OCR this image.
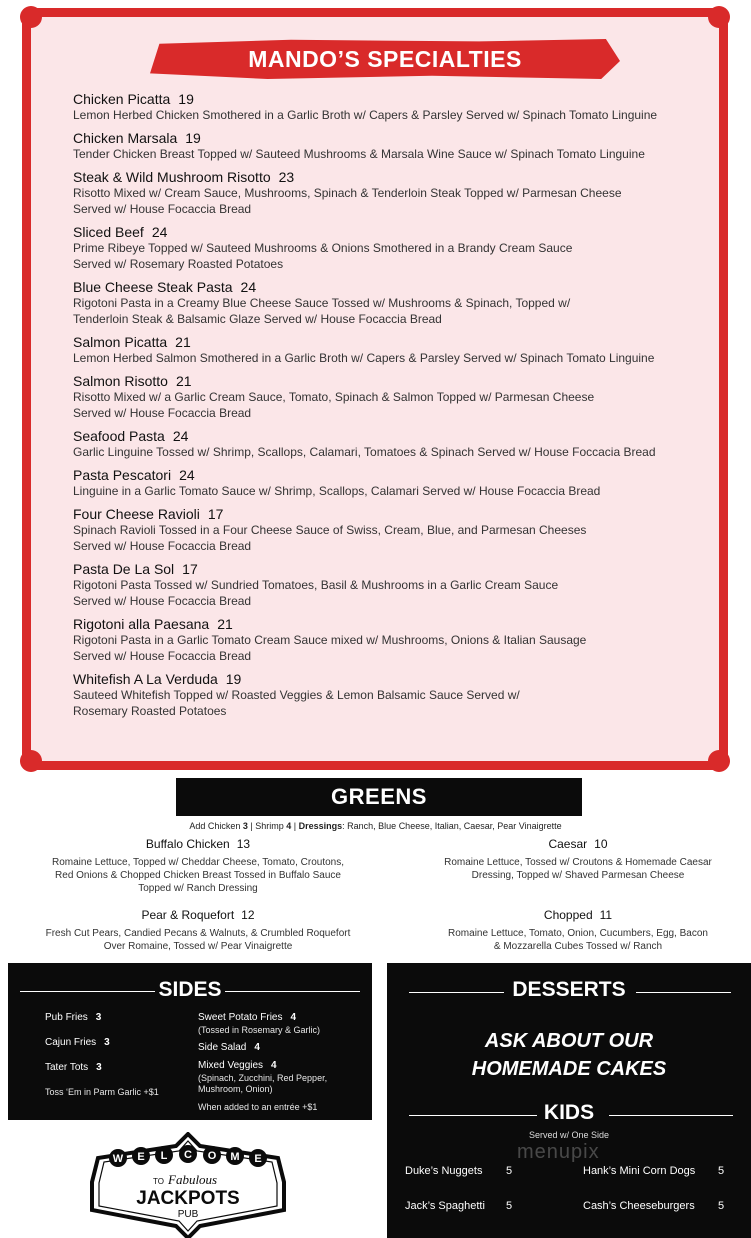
MANDO’S SPECIALTIES
Chicken Picatta 19
Lemon Herbed Chicken Smothered in a Garlic Broth w/ Capers & Parsley Served w/ Spinach Tomato Linguine
Chicken Marsala 19
Tender Chicken Breast Topped w/ Sauteed Mushrooms & Marsala Wine Sauce w/ Spinach Tomato Linguine
Steak & Wild Mushroom Risotto 23
Risotto Mixed w/ Cream Sauce, Mushrooms, Spinach & Tenderloin Steak Topped w/ Parmesan Cheese
Served w/ House Focaccia Bread
Sliced Beef 24
Prime Ribeye Topped w/ Sauteed Mushrooms & Onions Smothered in a Brandy Cream Sauce
Served w/ Rosemary Roasted Potatoes
Blue Cheese Steak Pasta 24
Rigotoni Pasta in a Creamy Blue Cheese Sauce Tossed w/ Mushrooms & Spinach, Topped w/
Tenderloin Steak & Balsamic Glaze Served w/ House Focaccia Bread
Salmon Picatta 21
Lemon Herbed Salmon Smothered in a Garlic Broth w/ Capers & Parsley Served w/ Spinach Tomato Linguine
Salmon Risotto 21
Risotto Mixed w/ a Garlic Cream Sauce, Tomato, Spinach & Salmon Topped w/ Parmesan Cheese
Served w/ House Focaccia Bread
Seafood Pasta 24
Garlic Linguine Tossed w/ Shrimp, Scallops, Calamari, Tomatoes & Spinach Served w/ House Foccacia Bread
Pasta Pescatori 24
Linguine in a Garlic Tomato Sauce w/ Shrimp, Scallops, Calamari Served w/ House Focaccia Bread
Four Cheese Ravioli 17
Spinach Ravioli Tossed in a Four Cheese Sauce of Swiss, Cream, Blue, and Parmesan Cheeses
Served w/ House Focaccia Bread
Pasta De La Sol 17
Rigotoni Pasta Tossed w/ Sundried Tomatoes, Basil & Mushrooms in a Garlic Cream Sauce
Served w/ House Focaccia Bread
Rigotoni alla Paesana 21
Rigotoni Pasta in a Garlic Tomato Cream Sauce mixed w/ Mushrooms, Onions & Italian Sausage
Served w/ House Focaccia Bread
Whitefish A La Verduda 19
Sauteed Whitefish Topped w/ Roasted Veggies & Lemon Balsamic Sauce Served w/
Rosemary Roasted Potatoes
GREENS
Add Chicken 3 | Shrimp 4 | Dressings: Ranch, Blue Cheese, Italian, Caesar, Pear Vinaigrette
Buffalo Chicken 13
Romaine Lettuce, Topped w/ Cheddar Cheese, Tomato, Croutons,
Red Onions & Chopped Chicken Breast Tossed in Buffalo Sauce
Topped w/ Ranch Dressing
Caesar 10
Romaine Lettuce, Tossed w/ Croutons & Homemade Caesar
Dressing, Topped w/ Shaved Parmesan Cheese
Pear & Roquefort 12
Fresh Cut Pears, Candied Pecans & Walnuts, & Crumbled Roquefort
Over Romaine, Tossed w/ Pear Vinaigrette
Chopped 11
Romaine Lettuce, Tomato, Onion, Cucumbers, Egg, Bacon
& Mozzarella Cubes Tossed w/ Ranch
SIDES
Pub Fries 3
Cajun Fries 3
Tater Tots 3
Toss ‘Em in Parm Garlic +$1
Sweet Potato Fries 4
(Tossed in Rosemary & Garlic)
Side Salad 4
Mixed Veggies 4
(Spinach, Zucchini, Red Pepper,
Mushroom, Onion)
When added to an entrée +$1
DESSERTS
ASK ABOUT OUR
HOMEMADE CAKES
KIDS
Served w/ One Side
menupix
Duke’s Nuggets 5	Hank’s Mini Corn Dogs 5
Jack’s Spaghetti 5	Cash’s Cheeseburgers 5
W E L C O M E
TO Fabulous
JACKPOTS
PUB
